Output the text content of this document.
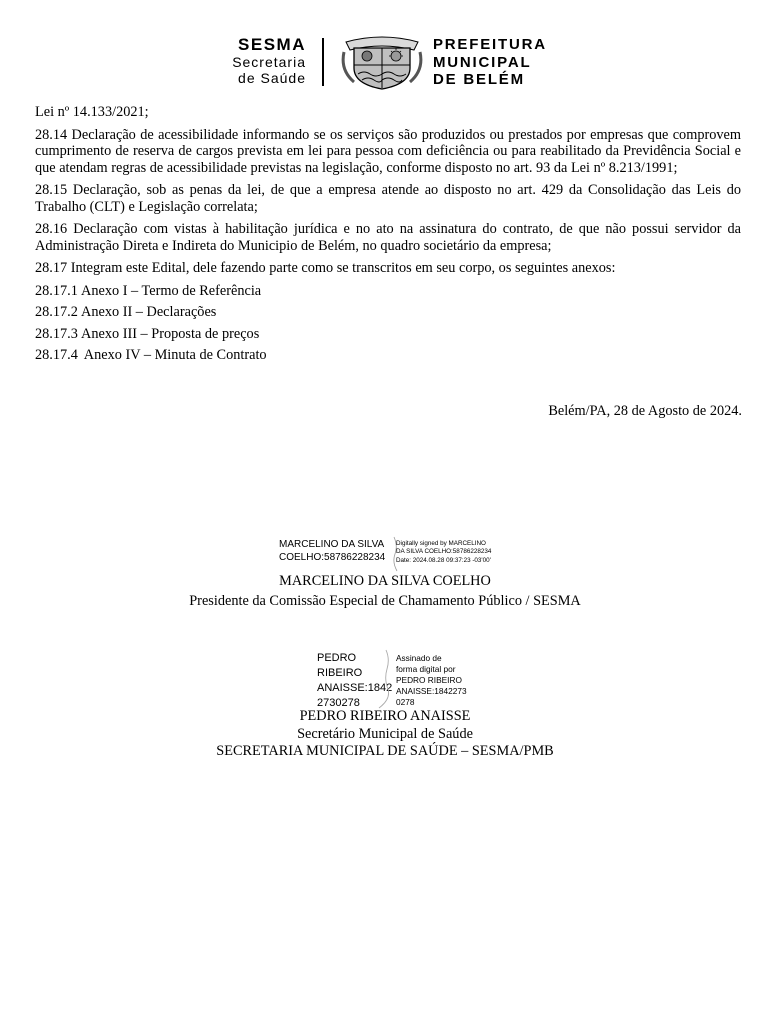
SESMA
Secretaria
de Saúde
PREFEITURA
MUNICIPAL
DE BELÉM

Lei nº 14.133/2021;

28.14 Declaração de acessibilidade informando se os serviços são produzidos ou prestados por empresas que comprovem cumprimento de reserva de cargos prevista em lei para pessoa com deficiência ou para reabilitado da Previdência Social e que atendam regras de acessibilidade previstas na legislação, conforme disposto no art. 93 da Lei nº 8.213/1991;

28.15 Declaração, sob as penas da lei, de que a empresa atende ao disposto no art. 429 da Consolidação das Leis do Trabalho (CLT) e Legislação correlata;

28.16 Declaração com vistas à habilitação jurídica e no ato na assinatura do contrato, de que não possui servidor da Administração Direta e Indireta do Municipio de Belém, no quadro societário da empresa;

28.17 Integram este Edital, dele fazendo parte como se transcritos em seu corpo, os seguintes anexos:

28.17.1 Anexo I – Termo de Referência
28.17.2 Anexo II – Declarações
28.17.3 Anexo III – Proposta de preços
28.17.4 Anexo IV – Minuta de Contrato
Belém/PA, 28 de Agosto de 2024.
MARCELINO DA SILVA
COELHO:58786228234
Digitally signed by MARCELINO
DA SILVA COELHO:58786228234
Date: 2024.08.28 09:37:23 -03'00'
MARCELINO DA SILVA COELHO
Presidente da Comissão Especial de Chamamento Público / SESMA
PEDRO
RIBEIRO
ANAISSE:1842
2730278
Assinado de
forma digital por
PEDRO RIBEIRO
ANAISSE:1842273
0278
PEDRO RIBEIRO ANAISSE
Secretário Municipal de Saúde
SECRETARIA MUNICIPAL DE SAÚDE – SESMA/PMB
